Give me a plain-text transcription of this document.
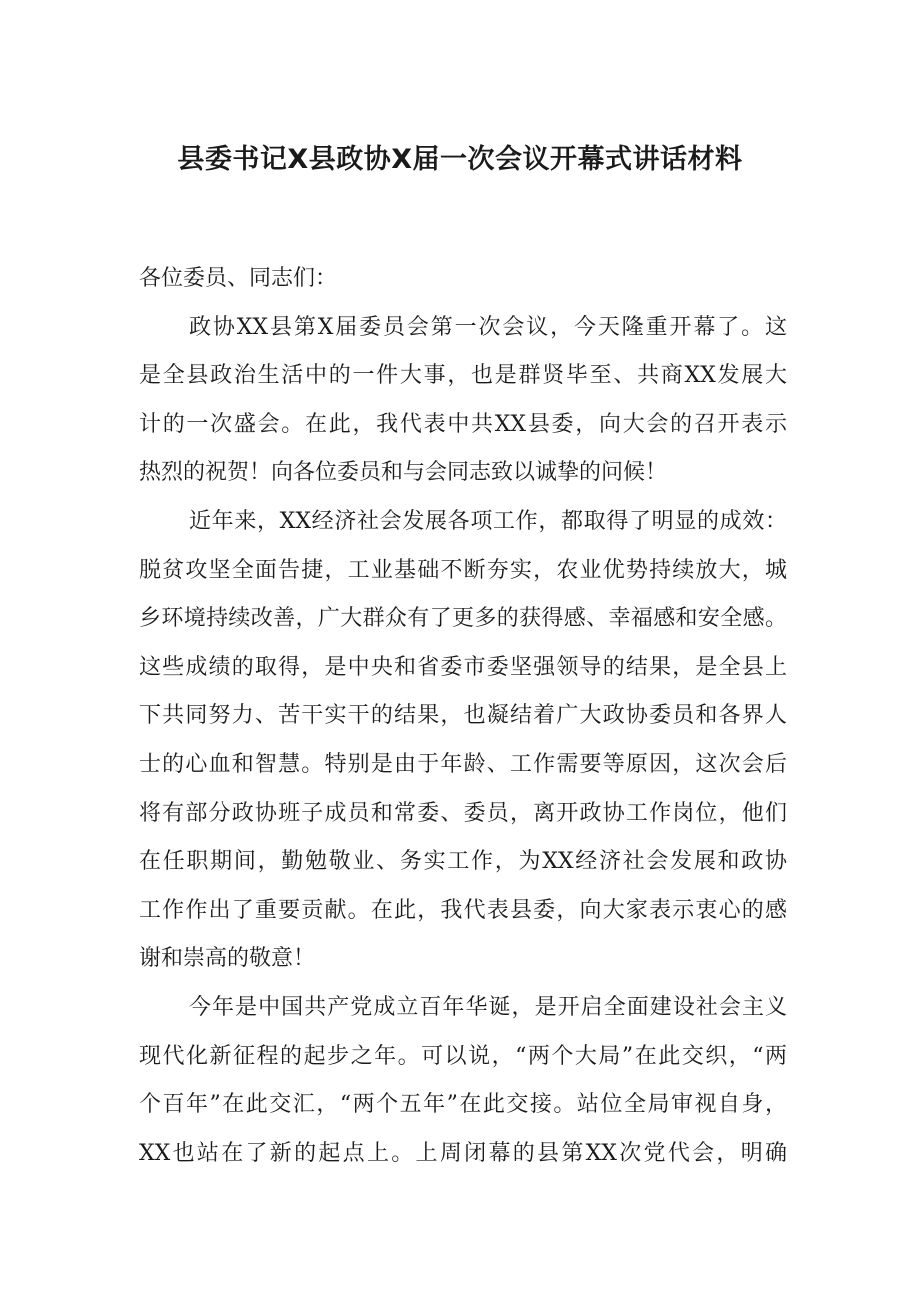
县委书记X县政协X届一次会议开幕式讲话材料
各位委员、同志们：
政协XX县第X届委员会第一次会议，今天隆重开幕了。这
是全县政治生活中的一件大事，也是群贤毕至、共商XX发展大
计的一次盛会。在此，我代表中共XX县委，向大会的召开表示
热烈的祝贺！向各位委员和与会同志致以诚挚的问候！
近年来，XX经济社会发展各项工作，都取得了明显的成效：
脱贫攻坚全面告捷，工业基础不断夯实，农业优势持续放大，城
乡环境持续改善，广大群众有了更多的获得感、幸福感和安全感。
这些成绩的取得，是中央和省委市委坚强领导的结果，是全县上
下共同努力、苦干实干的结果，也凝结着广大政协委员和各界人
士的心血和智慧。特别是由于年龄、工作需要等原因，这次会后
将有部分政协班子成员和常委、委员，离开政协工作岗位，他们
在任职期间，勤勉敬业、务实工作，为XX经济社会发展和政协
工作作出了重要贡献。在此，我代表县委，向大家表示衷心的感
谢和崇高的敬意！
今年是中国共产党成立百年华诞，是开启全面建设社会主义
现代化新征程的起步之年。可以说，“两个大局”在此交织，“两
个百年”在此交汇，“两个五年”在此交接。站位全局审视自身，
XX也站在了新的起点上。上周闭幕的县第XX次党代会，明确
